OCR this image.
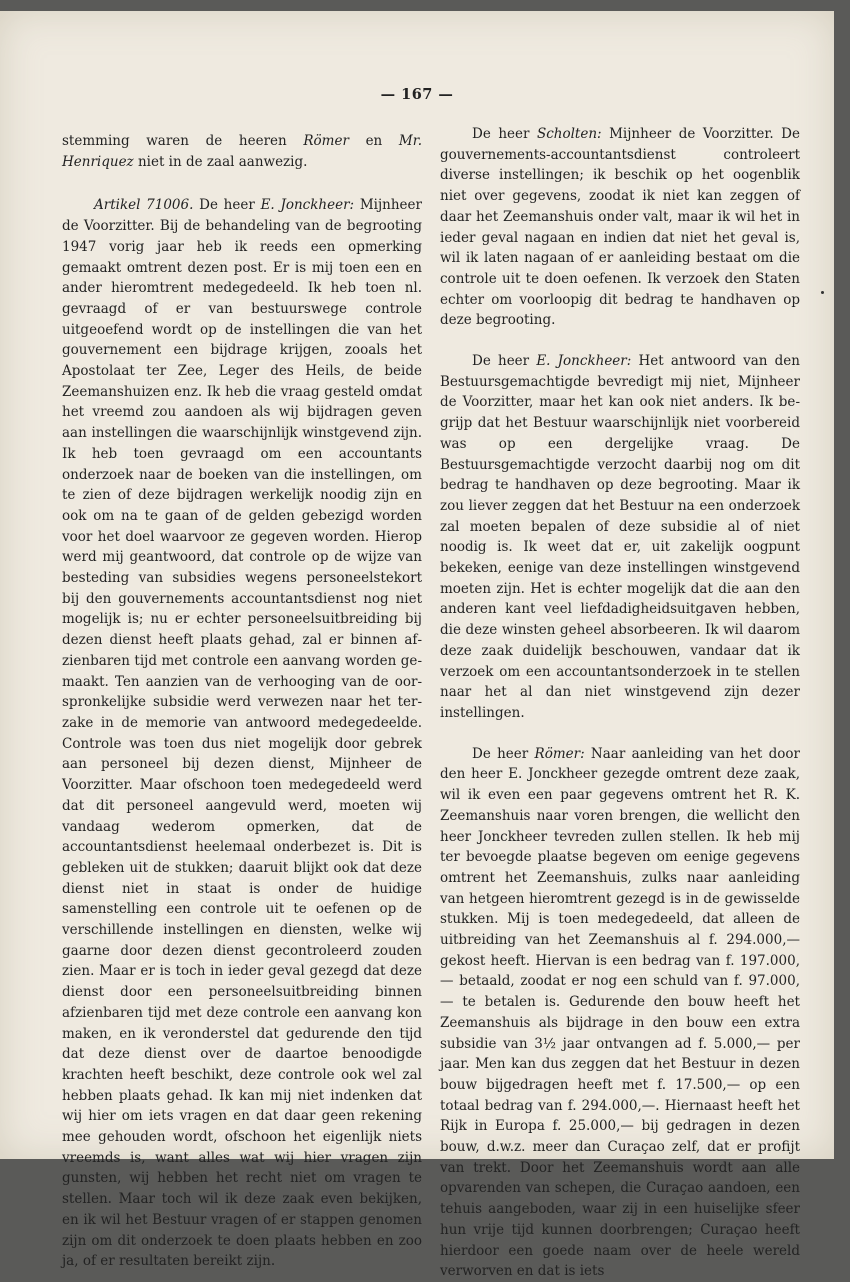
— 167 —

stemming waren de heeren Römer en Mr. Henriquez niet in de zaal aanwezig.

Artikel 71006. De heer E. Jonckheer: Mijnheer de Voorzitter. Bij de behandeling van de begrooting 1947 vorig jaar heb ik reeds een opmerking gemaakt omtrent dezen post. Er is mij toen een en ander hieromtrent medegedeeld. Ik heb toen nl. gevraagd of er van bestuurswege controle uitgeoefend wordt op de instellingen die van het gouvernement een bijdrage krijgen, zooals het Apostolaat ter Zee, Leger des Heils, de beide Zeemanshuizen enz. Ik heb die vraag gesteld omdat het vreemd zou aandoen als wij bijdragen geven aan instellingen die waarschijnlijk winstgevend zijn. Ik heb toen gevraagd om een accountants onderzoek naar de boeken van die instellingen, om te zien of deze bijdragen werkelijk noodig zijn en ook om na te gaan of de gelden gebezigd worden voor het doel waarvoor ze gegeven worden. Hierop werd mij geantwoord, dat controle op de wijze van besteding van subsidies wegens personeelstekort bij den gouvernements accountantsdienst nog niet mogelijk is; nu er echter personeelsuitbreiding bij dezen dienst heeft plaats gehad, zal er binnen afzienbaren tijd met controle een aanvang worden gemaakt. Ten aanzien van de verhooging van de oorspronkelijke subsidie werd verwezen naar het terzake in de memorie van antwoord medegedeelde. Controle was toen dus niet mogelijk door gebrek aan personeel bij dezen dienst, Mijnheer de Voorzitter. Maar ofschoon toen medegedeeld werd dat dit personeel aangevuld werd, moeten wij vandaag wederom opmerken, dat de accountantsdienst heelemaal onderbezet is. Dit is gebleken uit de stukken; daaruit blijkt ook dat deze dienst niet in staat is onder de huidige samenstelling een controle uit te oefenen op de verschillende instellingen en diensten, welke wij gaarne door dezen dienst gecontroleerd zouden zien. Maar er is toch in ieder geval gezegd dat deze dienst door een personeelsuitbreiding binnen afzienbaren tijd met deze controle een aanvang kon maken, en ik veronderstel dat gedurende den tijd dat deze dienst over de daartoe benoodigde krachten heeft beschikt, deze controle ook wel zal hebben plaats gehad. Ik kan mij niet indenken dat wij hier om iets vragen en dat daar geen rekening mee gehouden wordt, ofschoon het eigenlijk niets vreemds is, want alles wat wij hier vragen zijn gunsten, wij hebben het recht niet om vragen te stellen. Maar toch wil ik deze zaak even bekijken, en ik wil het Bestuur vragen of er stappen genomen zijn om dit onderzoek te doen plaats hebben en zoo ja, of er resultaten bereikt zijn.

De heer Scholten: Mijnheer de Voorzitter. De gouvernements-accountantsdienst controleert diverse instellingen; ik beschik op het oogenblik niet over gegevens, zoodat ik niet kan zeggen of daar het Zeemanshuis onder valt, maar ik wil het in ieder geval nagaan en indien dat niet het geval is, wil ik laten nagaan of er aanleiding bestaat om die controle uit te doen oefenen. Ik verzoek den Staten echter om voorloopig dit bedrag te handhaven op deze begrooting.

De heer E. Jonckheer: Het antwoord van den Bestuursgemachtigde bevredigt mij niet, Mijnheer de Voorzitter, maar het kan ook niet anders. Ik begrijp dat het Bestuur waarschijnlijk niet voorbereid was op een dergelijke vraag. De Bestuursgemachtigde verzocht daarbij nog om dit bedrag te handhaven op deze begrooting. Maar ik zou liever zeggen dat het Bestuur na een onderzoek zal moeten bepalen of deze subsidie al of niet noodig is. Ik weet dat er, uit zakelijk oogpunt bekeken, eenige van deze instellingen winstgevend moeten zijn. Het is echter mogelijk dat die aan den anderen kant veel liefdadigheidsuitgaven hebben, die deze winsten geheel absorbeeren. Ik wil daarom deze zaak duidelijk beschouwen, vandaar dat ik verzoek om een accountantsonderzoek in te stellen naar het al dan niet winstgevend zijn dezer instellingen.

De heer Römer: Naar aanleiding van het door den heer E. Jonckheer gezegde omtrent deze zaak, wil ik even een paar gegevens omtrent het R. K. Zeemanshuis naar voren brengen, die wellicht den heer Jonckheer tevreden zullen stellen. Ik heb mij ter bevoegde plaatse begeven om eenige gegevens omtrent het Zeemanshuis, zulks naar aanleiding van hetgeen hieromtrent gezegd is in de gewisselde stukken. Mij is toen medegedeeld, dat alleen de uitbreiding van het Zeemanshuis al f. 294.000,— gekost heeft. Hiervan is een bedrag van f. 197.000,— betaald, zoodat er nog een schuld van f. 97.000,— te betalen is. Gedurende den bouw heeft het Zeemanshuis als bijdrage in den bouw een extra subsidie van 3½ jaar ontvangen ad f. 5.000,— per jaar. Men kan dus zeggen dat het Bestuur in dezen bouw bijgedragen heeft met f. 17.500,— op een totaal bedrag van f. 294.000,—. Hiernaast heeft het Rijk in Europa f. 25.000,— bij gedragen in dezen bouw, d.w.z. meer dan Curaçao zelf, dat er profijt van trekt. Door het Zeemanshuis wordt aan alle opvarenden van schepen, die Curaçao aandoen, een tehuis aangeboden, waar zij in een huiselijke sfeer hun vrije tijd kunnen doorbrengen; Curaçao heeft hierdoor een goede naam over de heele wereld verworven en dat is iets
